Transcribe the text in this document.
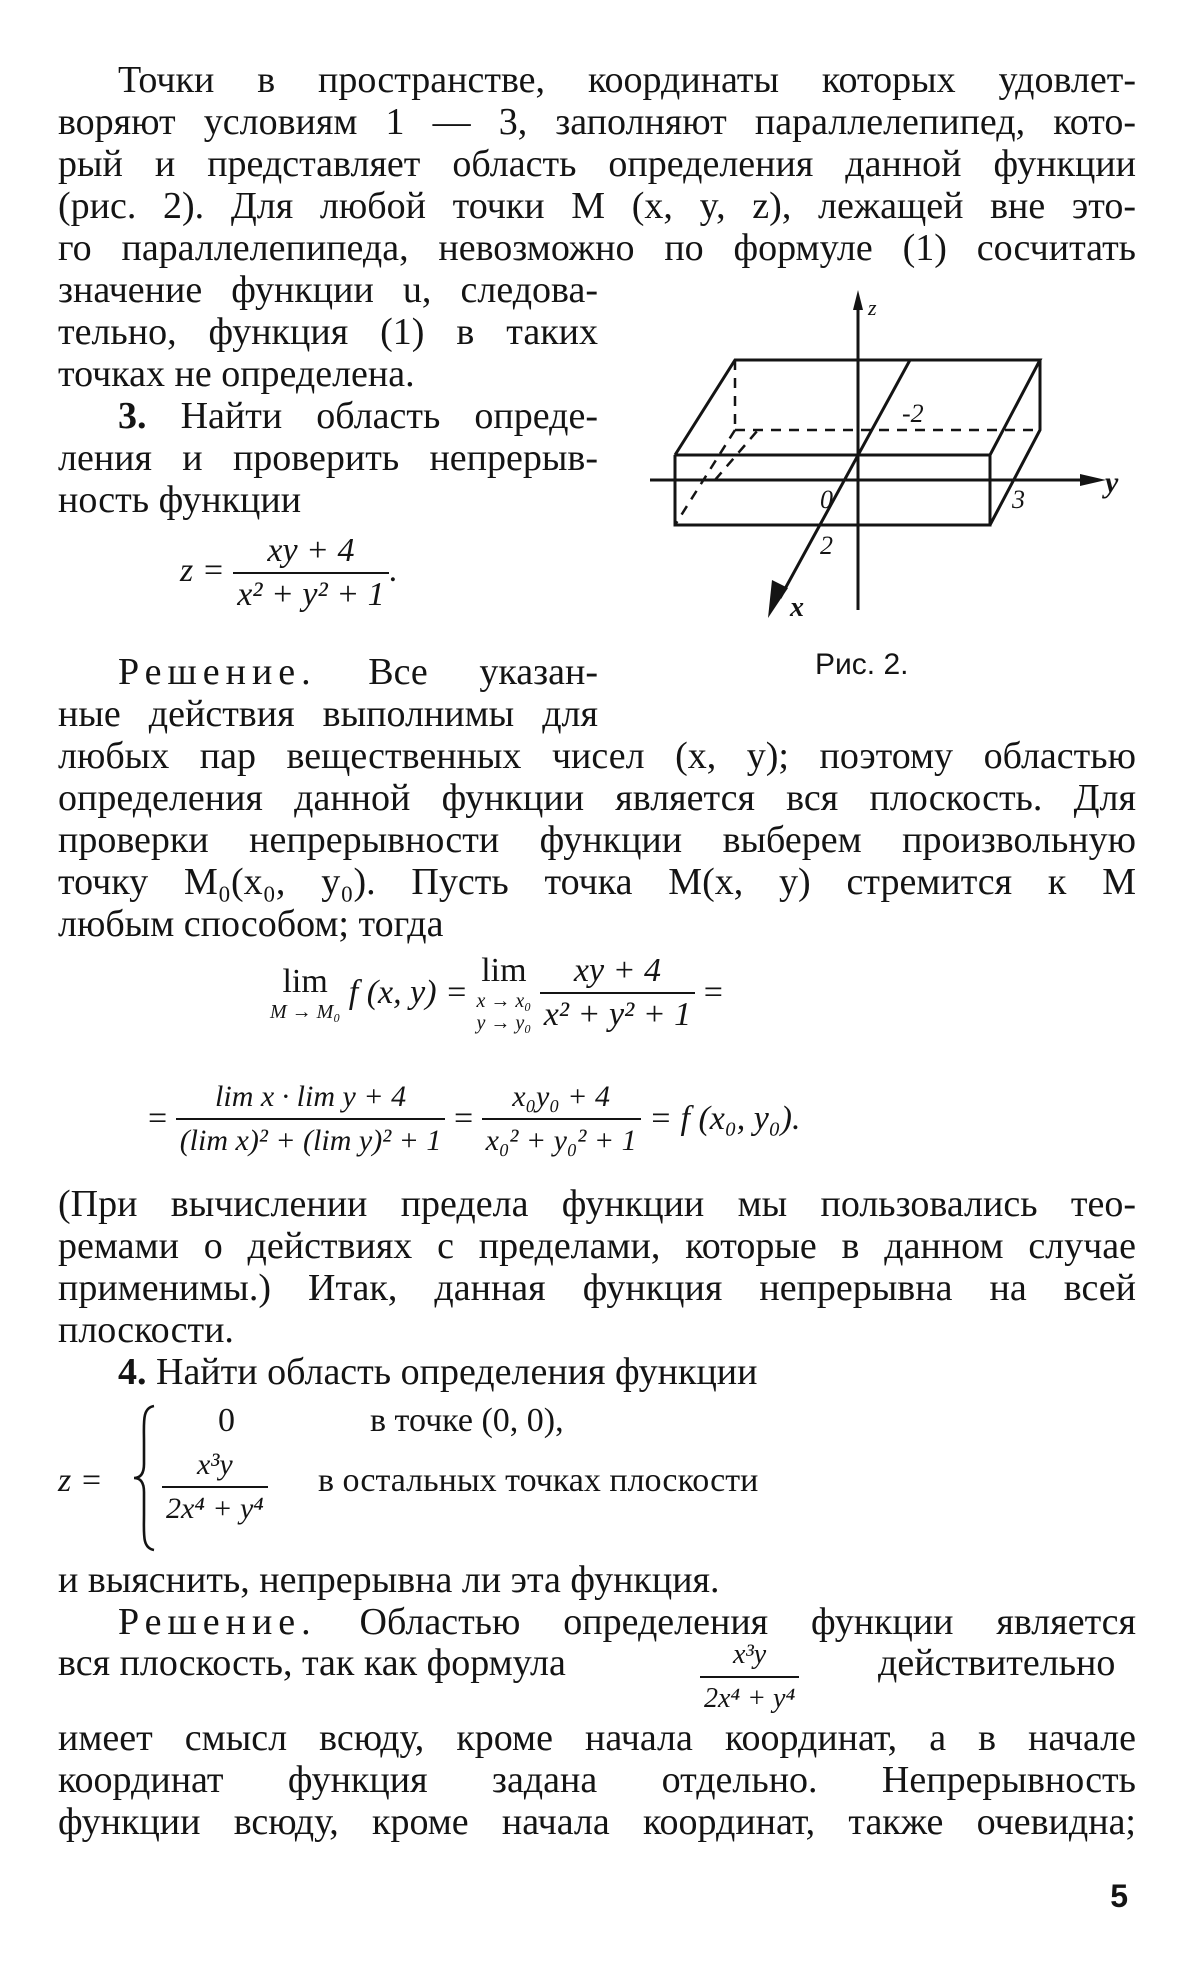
Точки в пространстве, координаты которых удовлет-
воряют условиям 1 — 3, заполняют параллелепипед, кото-
рый и представляет область определения данной функции
(рис. 2). Для любой точки M (x, y, z), лежащей вне это-
го параллелепипеда, невозможно по формуле (1) сосчитать
значение функции u, следова-
тельно, функция (1) в таких
точках не определена.
3. Найти область опреде-
ления и проверить непрерыв-
ность функции
$z = \frac{xy + 4}{\text{x² + y² + 1}}$ .
Решение. Все указан-
ные действия выполнимы для
любых пар вещественных чисел (x, y); поэтому областью
определения данной функции является вся плоскость. Для
проверки непрерывности функции выберем произвольную
точку M₀(x₀, y₀). Пусть точка M(x, y) стремится к M
любым способом; тогда
lim
M → M₀
f (x, y) =
lim
x → x₀
y → y₀
$\frac{xy + 4}{\text{x² + y² + 1}}$ =
= $\frac{\text{lim x · lim y + 4}}{\text{(lim x)² + (lim y)² + 1}} = \frac{\text{x₀y₀ + 4}}{\text{x₀² + y₀² + 1}} = f$ (x₀, y₀).
(При вычислении предела функции мы пользовались тео-
ремами о действиях с пределами, которые в данном случае
применимы.) Итак, данная функция непрерывна на всей
плоскости.
4. Найти область определения функции
z =
0	в точке (0, 0),
$\frac{\text{x³y}}{\text{2x⁴ + y⁴}}$ в остальных точках плоскости
и выяснить, непрерывна ли эта функция.
Решение. Областью определения функции является
вся плоскость, так как формула	$\frac{\text{x³y}}{\text{2x⁴ + y⁴}}$ действительно
имеет смысл всюду, кроме начала координат, а в начале
координат функция задана отдельно. Непрерывность
функции всюду, кроме начала координат, также очевидна;
5
z
y
x
0
-2
3
2
Рис. 2.
